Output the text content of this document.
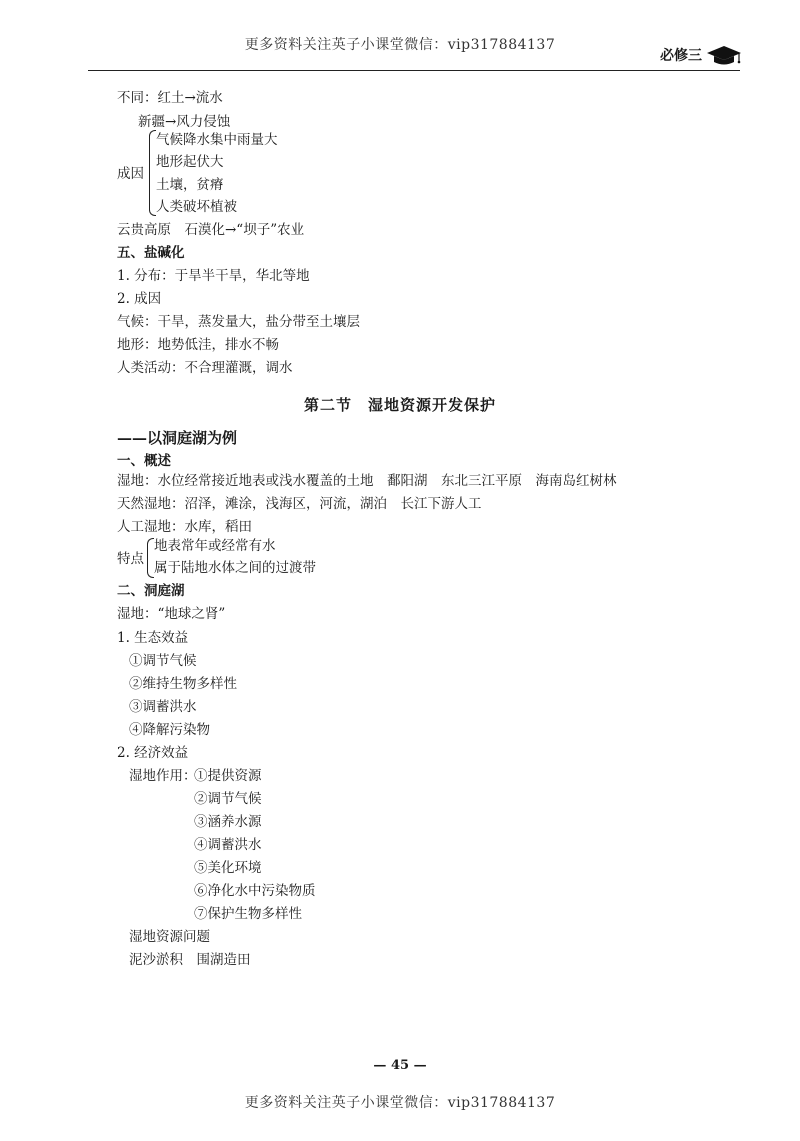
更多资料关注英子小课堂微信：vip317884137
必修三
不同：红土→流水
新疆→风力侵蚀
成因
气候降水集中雨量大
地形起伏大
土壤，贫瘠
人类破坏植被
云贵高原　石漠化→“坝子”农业
五、盐碱化
1. 分布：于旱半干旱，华北等地
2. 成因
气候：干旱，蒸发量大，盐分带至土壤层
地形：地势低洼，排水不畅
人类活动：不合理灌溉，调水
第二节　湿地资源开发保护
——以洞庭湖为例
一、概述
湿地：水位经常接近地表或浅水覆盖的土地　鄱阳湖　东北三江平原　海南岛红树林
天然湿地：沼泽，滩涂，浅海区，河流，湖泊　长江下游人工
人工湿地：水库，稻田
特点
地表常年或经常有水
属于陆地水体之间的过渡带
二、洞庭湖
湿地：“地球之肾”
1. 生态效益
①调节气候
②维持生物多样性
③调蓄洪水
④降解污染物
2. 经济效益
湿地作用：
①提供资源
②调节气候
③涵养水源
④调蓄洪水
⑤美化环境
⑥净化水中污染物质
⑦保护生物多样性
湿地资源问题
泥沙淤积　围湖造田
— 45 —
更多资料关注英子小课堂微信：vip317884137
